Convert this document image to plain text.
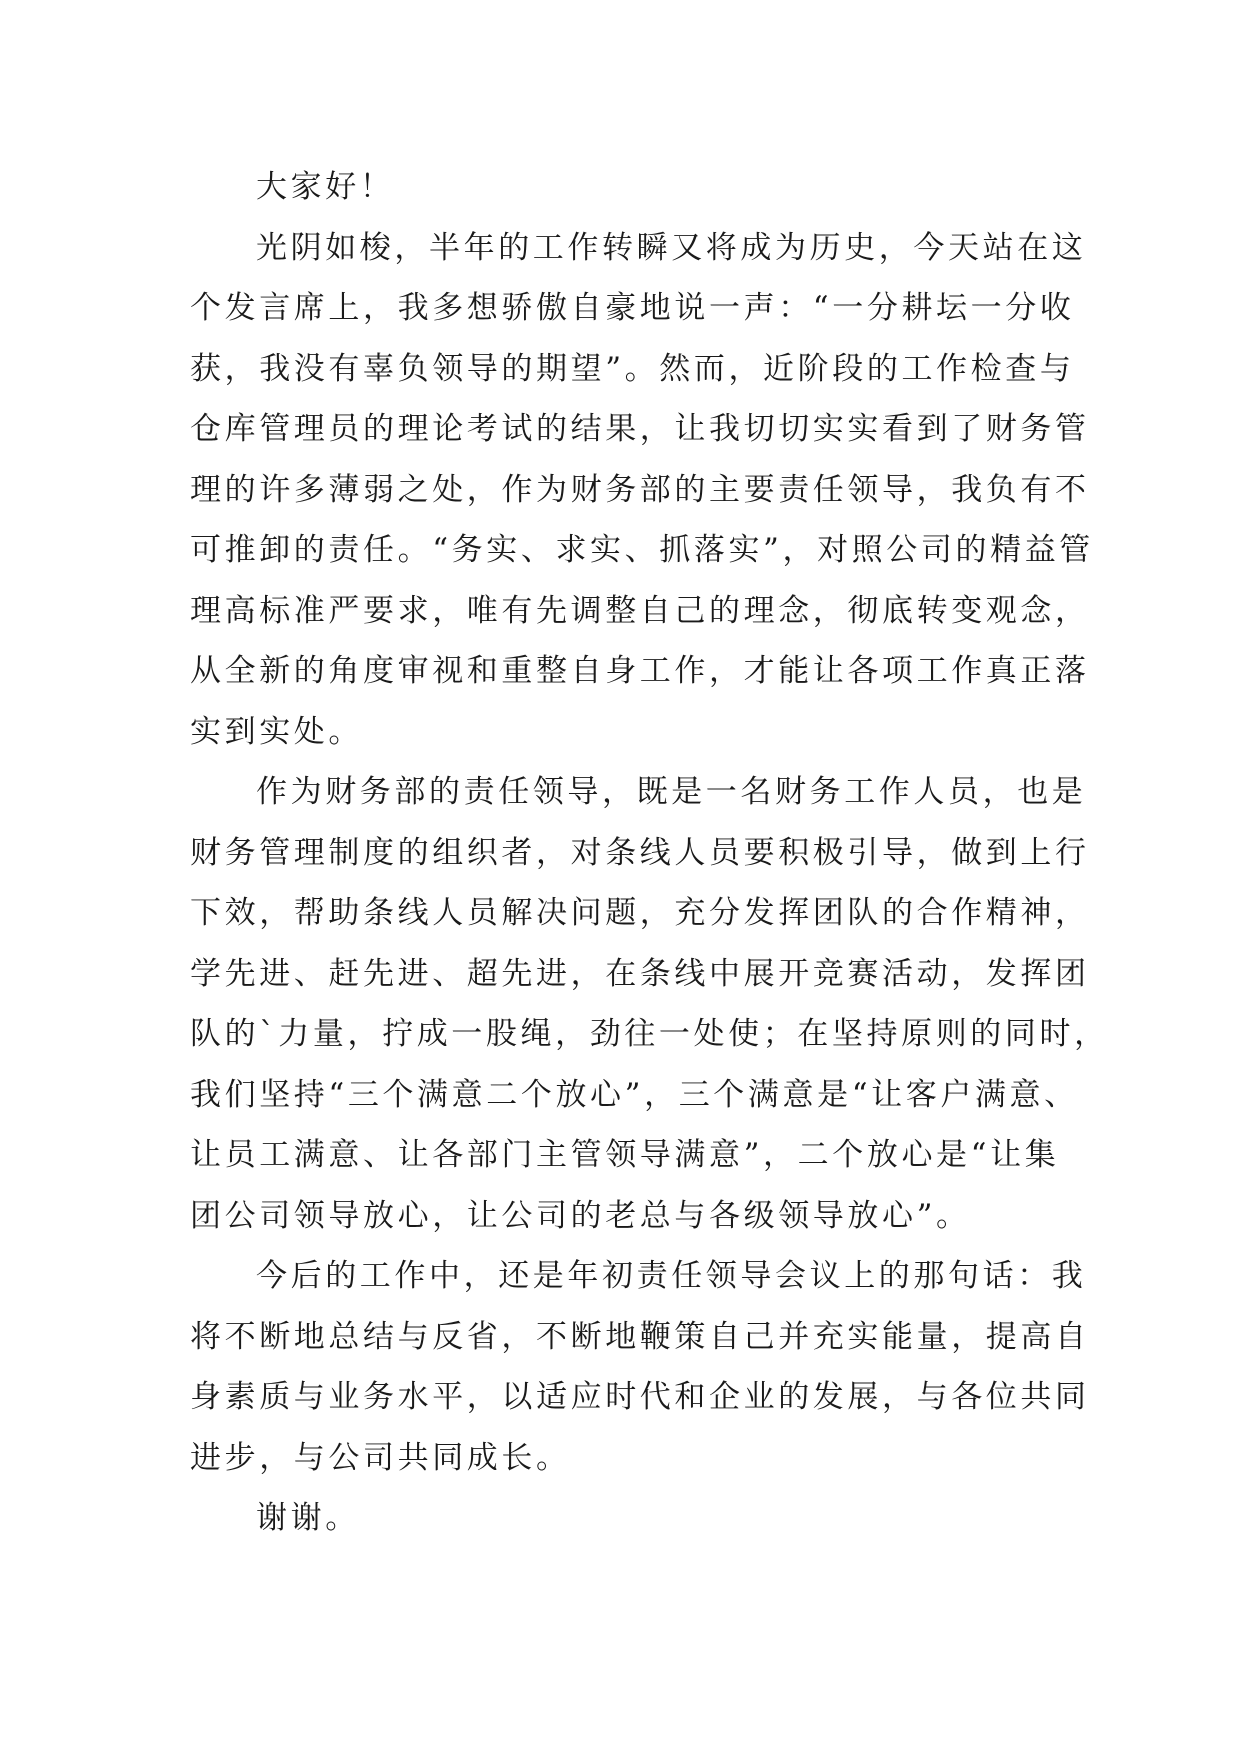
大家好！
光阴如梭，半年的工作转瞬又将成为历史，今天站在这
个发言席上，我多想骄傲自豪地说一声：“一分耕坛一分收
获，我没有辜负领导的期望”。然而，近阶段的工作检查与
仓库管理员的理论考试的结果，让我切切实实看到了财务管
理的许多薄弱之处，作为财务部的主要责任领导，我负有不
可推卸的责任。“务实、求实、抓落实”，对照公司的精益管
理高标准严要求，唯有先调整自己的理念，彻底转变观念，
从全新的角度审视和重整自身工作，才能让各项工作真正落
实到实处。
作为财务部的责任领导，既是一名财务工作人员，也是
财务管理制度的组织者，对条线人员要积极引导，做到上行
下效，帮助条线人员解决问题，充分发挥团队的合作精神，
学先进、赶先进、超先进，在条线中展开竞赛活动，发挥团
队的`力量，拧成一股绳，劲往一处使；在坚持原则的同时，
我们坚持“三个满意二个放心”，三个满意是“让客户满意、
让员工满意、让各部门主管领导满意”，二个放心是“让集
团公司领导放心，让公司的老总与各级领导放心”。
今后的工作中，还是年初责任领导会议上的那句话：我
将不断地总结与反省，不断地鞭策自己并充实能量，提高自
身素质与业务水平，以适应时代和企业的发展，与各位共同
进步，与公司共同成长。
谢谢。
